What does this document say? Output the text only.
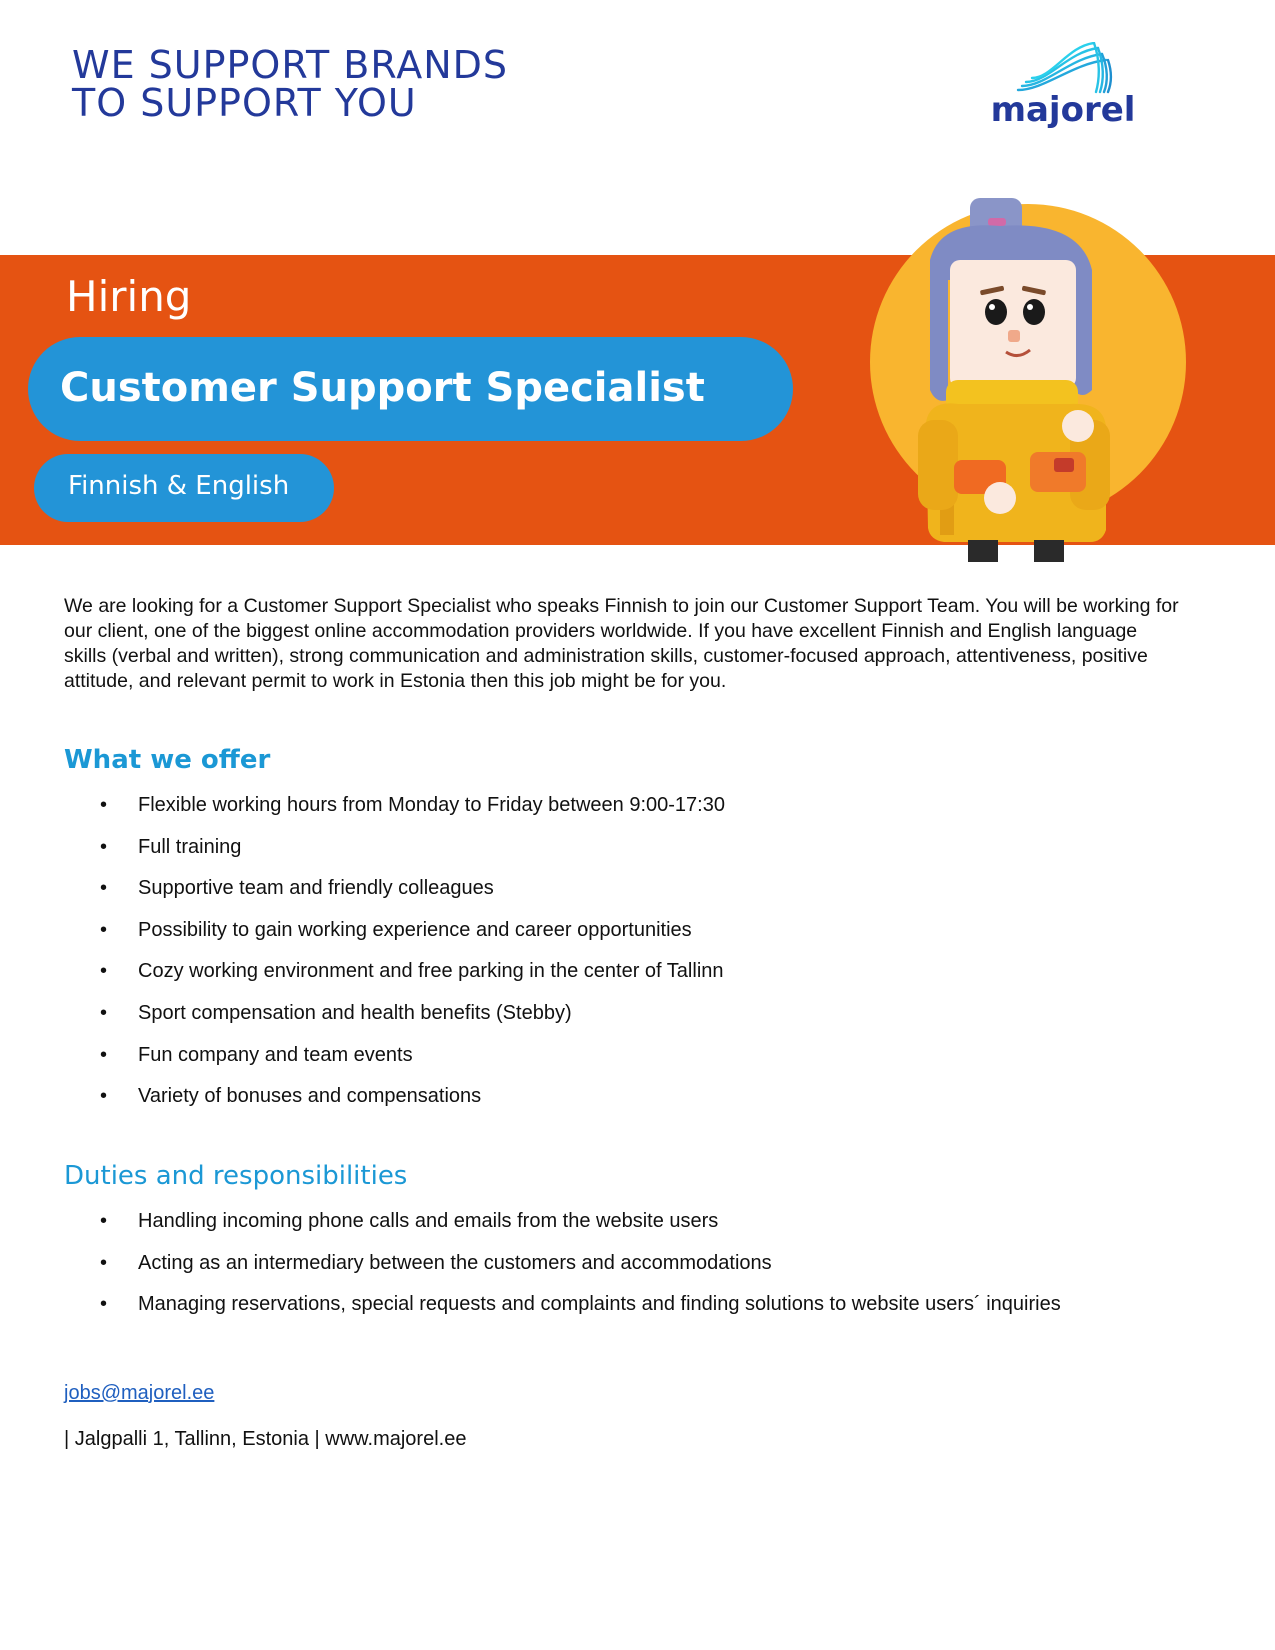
WE SUPPORT BRANDS
TO SUPPORT YOU	majorel
Hiring
Customer Support Specialist
Finnish & English

We are looking for a Customer Support Specialist who speaks Finnish to join our Customer Support Team. You will be working for our client, one of the biggest online accommodation providers worldwide. If you have excellent Finnish and English language skills (verbal and written), strong communication and administration skills, customer-focused approach, attentiveness, positive attitude, and relevant permit to work in Estonia then this job might be for you.

What we offer
• Flexible working hours from Monday to Friday between 9:00-17:30
• Full training
• Supportive team and friendly colleagues
• Possibility to gain working experience and career opportunities
• Cozy working environment and free parking in the center of Tallinn
• Sport compensation and health benefits (Stebby)
• Fun company and team events
• Variety of bonuses and compensations
Duties and responsibilities
• Handling incoming phone calls and emails from the website users
• Acting as an intermediary between the customers and accommodations
• Managing reservations, special requests and complaints and finding solutions to website users´ inquiries
jobs@majorel.ee
| Jalgpalli 1, Tallinn, Estonia | www.majorel.ee
